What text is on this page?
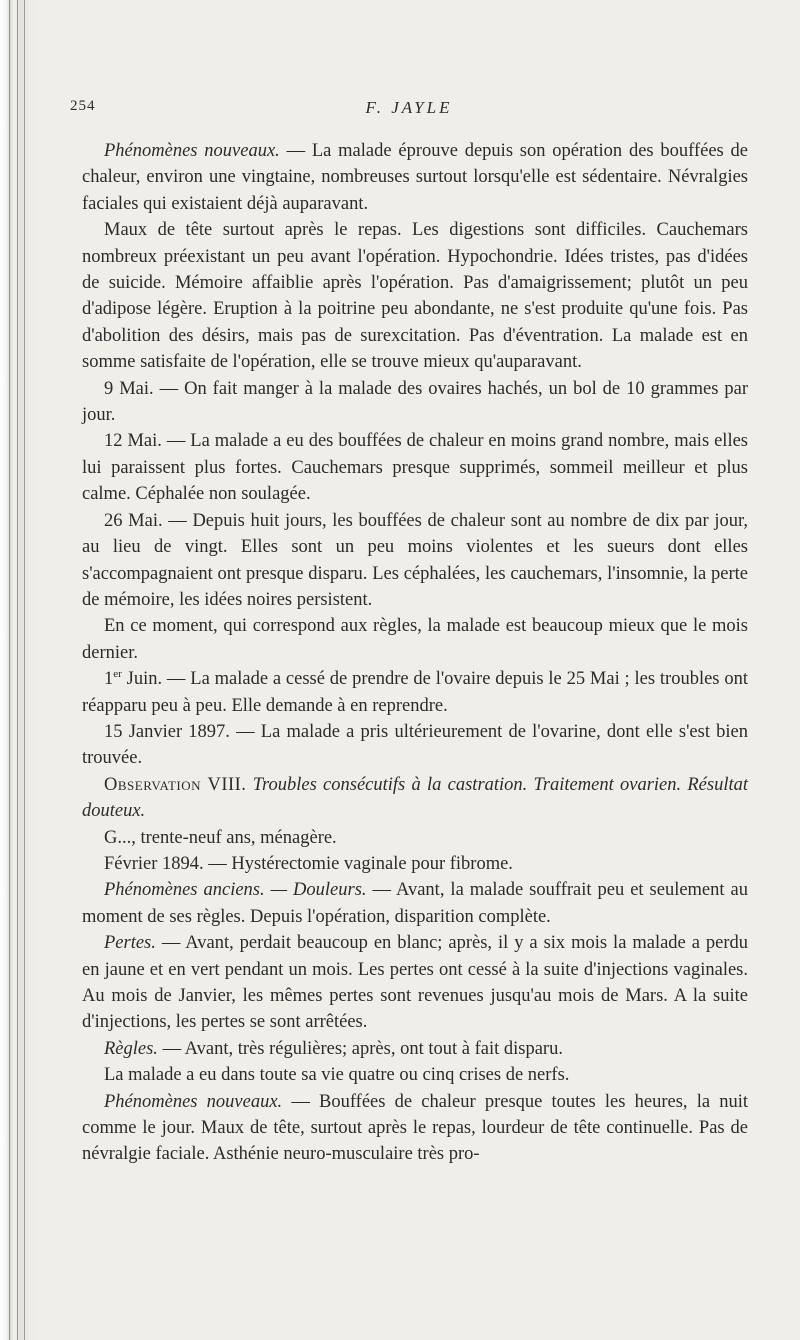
254	F. JAYLE

Phénomènes nouveaux. — La malade éprouve depuis son opération des bouffées de chaleur, environ une vingtaine, nombreuses surtout lorsqu'elle est sédentaire. Névralgies faciales qui existaient déjà auparavant.

Maux de tête surtout après le repas. Les digestions sont difficiles. Cauchemars nombreux préexistant un peu avant l'opération. Hypochondrie. Idées tristes, pas d'idées de suicide. Mémoire affaiblie après l'opération. Pas d'amaigrissement; plutôt un peu d'adipose légère. Eruption à la poitrine peu abondante, ne s'est produite qu'une fois. Pas d'abolition des désirs, mais pas de surexcitation. Pas d'éventration. La malade est en somme satisfaite de l'opération, elle se trouve mieux qu'auparavant.

9 Mai. — On fait manger à la malade des ovaires hachés, un bol de 10 grammes par jour.

12 Mai. — La malade a eu des bouffées de chaleur en moins grand nombre, mais elles lui paraissent plus fortes. Cauchemars presque supprimés, sommeil meilleur et plus calme. Céphalée non soulagée.

26 Mai. — Depuis huit jours, les bouffées de chaleur sont au nombre de dix par jour, au lieu de vingt. Elles sont un peu moins violentes et les sueurs dont elles s'accompagnaient ont presque disparu. Les céphalées, les cauchemars, l'insomnie, la perte de mémoire, les idées noires persistent.

En ce moment, qui correspond aux règles, la malade est beaucoup mieux que le mois dernier.

1er Juin. — La malade a cessé de prendre de l'ovaire depuis le 25 Mai ; les troubles ont réapparu peu à peu. Elle demande à en reprendre.

15 Janvier 1897. — La malade a pris ultérieurement de l'ovarine, dont elle s'est bien trouvée.

Observation VIII. Troubles consécutifs à la castration. Traitement ovarien. Résultat douteux.

G..., trente-neuf ans, ménagère.

Février 1894. — Hystérectomie vaginale pour fibrome.

Phénomènes anciens. — Douleurs. — Avant, la malade souffrait peu et seulement au moment de ses règles. Depuis l'opération, disparition complète.

Pertes. — Avant, perdait beaucoup en blanc; après, il y a six mois la malade a perdu en jaune et en vert pendant un mois. Les pertes ont cessé à la suite d'injections vaginales. Au mois de Janvier, les mêmes pertes sont revenues jusqu'au mois de Mars. A la suite d'injections, les pertes se sont arrêtées.

Règles. — Avant, très régulières; après, ont tout à fait disparu.

La malade a eu dans toute sa vie quatre ou cinq crises de nerfs.

Phénomènes nouveaux. — Bouffées de chaleur presque toutes les heures, la nuit comme le jour. Maux de tête, surtout après le repas, lourdeur de tête continuelle. Pas de névralgie faciale. Asthénie neuro-musculaire très pro-
